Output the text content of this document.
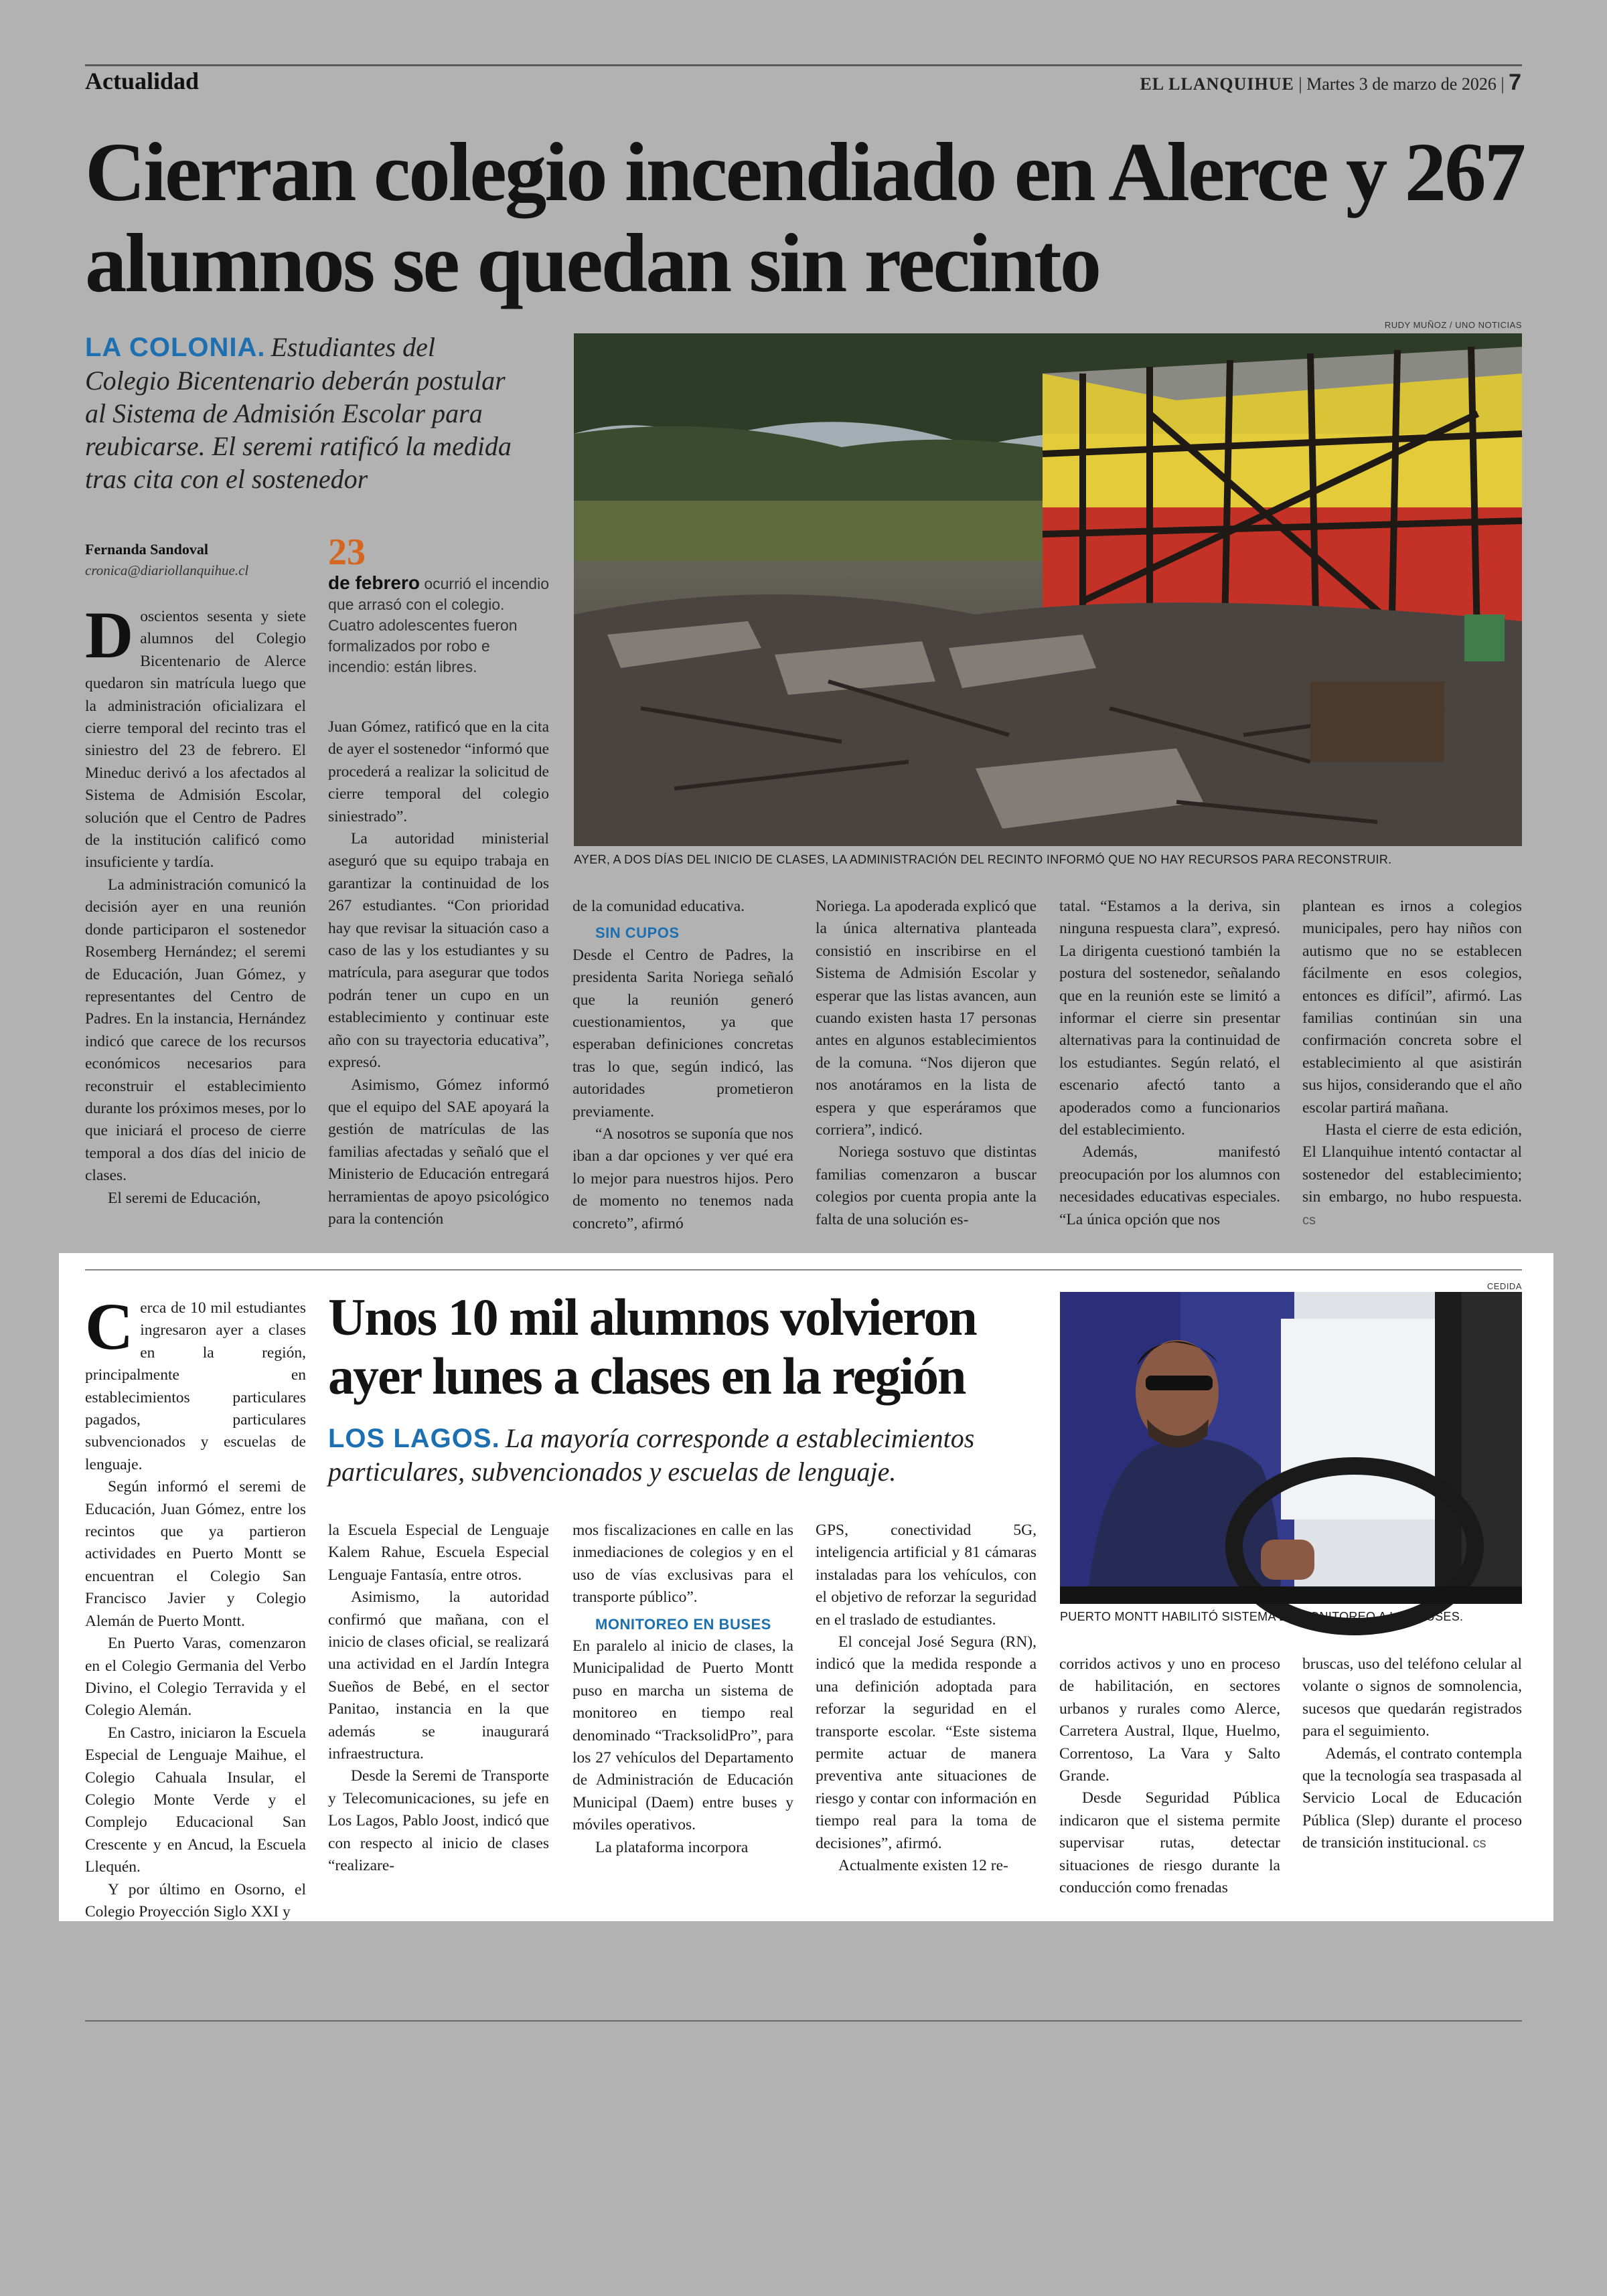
Actualidad	EL LLANQUIHUE | Martes 3 de marzo de 2026 | 7
Cierran colegio incendiado en Alerce y 267 alumnos se quedan sin recinto
LA COLONIA. Estudiantes del Colegio Bicentenario deberán postular al Sistema de Admisión Escolar para reubicarse. El seremi ratificó la medida tras cita con el sostenedor
Fernanda Sandoval
cronica@diariollanquihue.cl	23
de febrero ocurrió el incendio que arrasó con el colegio. Cuatro adolescentes fueron formalizados por robo e incendio: están libres.
RUDY MUÑOZ / UNO NOTICIAS
AYER, A DOS DÍAS DEL INICIO DE CLASES, LA ADMINISTRACIÓN DEL RECINTO INFORMÓ QUE NO HAY RECURSOS PARA RECONSTRUIR.
D oscientos sesenta y siete alumnos del Colegio Bicentenario de Alerce quedaron sin matrícula luego que la administración oficializara el cierre temporal del recinto tras el siniestro del 23 de febrero. El Mineduc derivó a los afectados al Sistema de Admisión Escolar, solución que el Centro de Padres de la institución calificó como insuficiente y tardía.

La administración comunicó la decisión ayer en una reunión donde participaron el sostenedor Rosemberg Hernández; el seremi de Educación, Juan Gómez, y representantes del Centro de Padres. En la instancia, Hernández indicó que carece de los recursos económicos necesarios para reconstruir el establecimiento durante los próximos meses, por lo que iniciará el proceso de cierre temporal a dos días del inicio de clases.

El seremi de Educación,

Juan Gómez, ratificó que en la cita de ayer el sostenedor “informó que procederá a realizar la solicitud de cierre temporal del colegio siniestrado”.

La autoridad ministerial aseguró que su equipo trabaja en garantizar la continuidad de los 267 estudiantes. “Con prioridad hay que revisar la situación caso a caso de las y los estudiantes y su matrícula, para asegurar que todos podrán tener un cupo en un establecimiento y continuar este año con su trayectoria educativa”, expresó.

Asimismo, Gómez informó que el equipo del SAE apoyará la gestión de matrículas de las familias afectadas y señaló que el Ministerio de Educación entregará herramientas de apoyo psicológico para la contención

de la comunidad educativa.

SIN CUPOS

Desde el Centro de Padres, la presidenta Sarita Noriega señaló que la reunión generó cuestionamientos, ya que esperaban definiciones concretas tras lo que, según indicó, las autoridades prometieron previamente.

“A nosotros se suponía que nos iban a dar opciones y ver qué era lo mejor para nuestros hijos. Pero de momento no tenemos nada concreto”, afirmó

Noriega. La apoderada explicó que la única alternativa planteada consistió en inscribirse en el Sistema de Admisión Escolar y esperar que las listas avancen, aun cuando existen hasta 17 personas antes en algunos establecimientos de la comuna. “Nos dijeron que nos anotáramos en la lista de espera y que esperáramos que corriera”, indicó.

Noriega sostuvo que distintas familias comenzaron a buscar colegios por cuenta propia ante la falta de una solución es-

tatal. “Estamos a la deriva, sin ninguna respuesta clara”, expresó. La dirigenta cuestionó también la postura del sostenedor, señalando que en la reunión este se limitó a informar el cierre sin presentar alternativas para la continuidad de los estudiantes. Según relató, el escenario afectó tanto a apoderados como a funcionarios del establecimiento.

Además, manifestó preocupación por los alumnos con necesidades educativas especiales. “La única opción que nos

plantean es irnos a colegios municipales, pero hay niños con autismo que no se establecen fácilmente en esos colegios, entonces es difícil”, afirmó. Las familias continúan sin una confirmación concreta sobre el establecimiento al que asistirán sus hijos, considerando que el año escolar partirá mañana.

Hasta el cierre de esta edición, El Llanquihue intentó contactar al sostenedor del establecimiento; sin embargo, no hubo respuesta. cs

Unos 10 mil alumnos volvieron ayer lunes a clases en la región
LOS LAGOS. La mayoría corresponde a establecimientos particulares, subvencionados y escuelas de lenguaje.
CEDIDA
PUERTO MONTT HABILITÓ SISTEMA DE MONITOREO A LOS BUSES.
C erca de 10 mil estudiantes ingresaron ayer a clases en la región, principalmente en establecimientos particulares pagados, particulares subvencionados y escuelas de lenguaje.

Según informó el seremi de Educación, Juan Gómez, entre los recintos que ya partieron actividades en Puerto Montt se encuentran el Colegio San Francisco Javier y Colegio Alemán de Puerto Montt.

En Puerto Varas, comenzaron en el Colegio Germania del Verbo Divino, el Colegio Terravida y el Colegio Alemán.

En Castro, iniciaron la Escuela Especial de Lenguaje Maihue, el Colegio Cahuala Insular, el Colegio Monte Verde y el Complejo Educacional San Crescente y en Ancud, la Escuela Llequén.

Y por último en Osorno, el Colegio Proyección Siglo XXI y

la Escuela Especial de Lenguaje Kalem Rahue, Escuela Especial Lenguaje Fantasía, entre otros.

Asimismo, la autoridad confirmó que mañana, con el inicio de clases oficial, se realizará una actividad en el Jardín Integra Sueños de Bebé, en el sector Panitao, instancia en la que además se inaugurará infraestructura.

Desde la Seremi de Transporte y Telecomunicaciones, su jefe en Los Lagos, Pablo Joost, indicó que con respecto al inicio de clases “realizare-

mos fiscalizaciones en calle en las inmediaciones de colegios y en el uso de vías exclusivas para el transporte público”.

MONITOREO EN BUSES

En paralelo al inicio de clases, la Municipalidad de Puerto Montt puso en marcha un sistema de monitoreo en tiempo real denominado “TracksolidPro”, para los 27 vehículos del Departamento de Administración de Educación Municipal (Daem) entre buses y móviles operativos.

La plataforma incorpora

GPS, conectividad 5G, inteligencia artificial y 81 cámaras instaladas para los vehículos, con el objetivo de reforzar la seguridad en el traslado de estudiantes.

El concejal José Segura (RN), indicó que la medida responde a una definición adoptada para reforzar la seguridad en el transporte escolar. “Este sistema permite actuar de manera preventiva ante situaciones de riesgo y contar con información en tiempo real para la toma de decisiones”, afirmó.

Actualmente existen 12 re-

corridos activos y uno en proceso de habilitación, en sectores urbanos y rurales como Alerce, Carretera Austral, Ilque, Huelmo, Correntoso, La Vara y Salto Grande.

Desde Seguridad Pública indicaron que el sistema permite supervisar rutas, detectar situaciones de riesgo durante la conducción como frenadas

bruscas, uso del teléfono celular al volante o signos de somnolencia, sucesos que quedarán registrados para el seguimiento.

Además, el contrato contempla que la tecnología sea traspasada al Servicio Local de Educación Pública (Slep) durante el proceso de transición institucional. cs
